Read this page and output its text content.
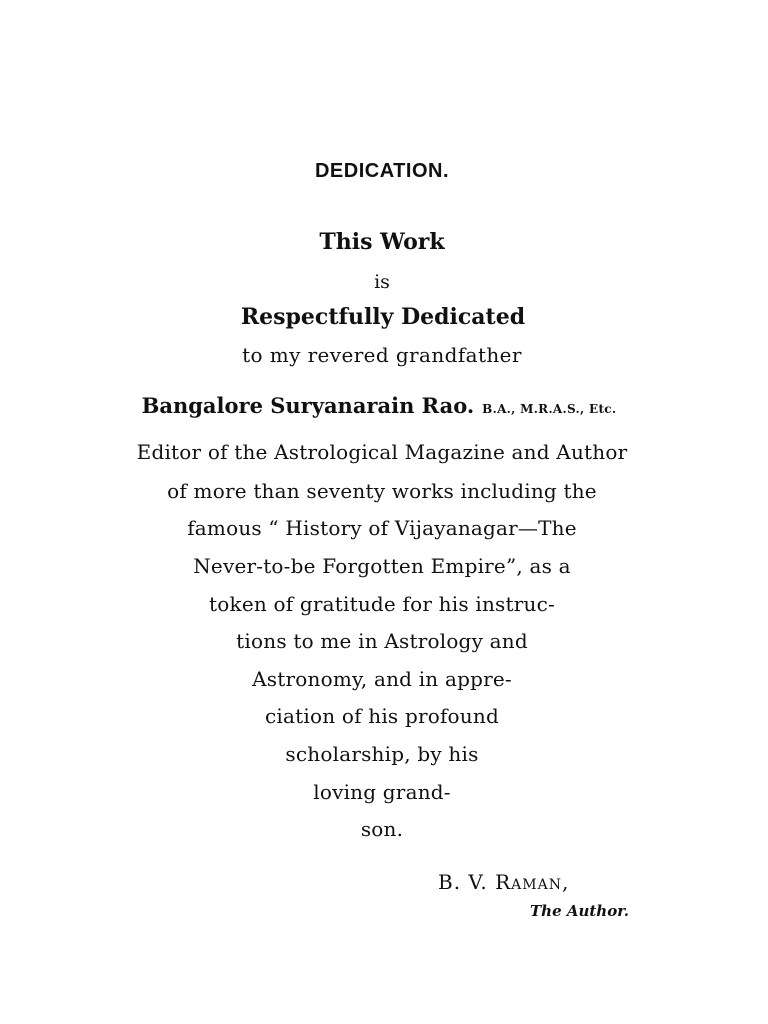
DEDICATION.
This Work
is
Respectfully Dedicated
to my revered grandfather
Bangalore Suryanarain Rao. B.A., M.R.A.S., Etc.
Editor of the Astrological Magazine and Author
of more than seventy works including the
famous “ History of Vijayanagar—The
Never-to-be Forgotten Empire”, as a
token of gratitude for his instruc-
tions to me in Astrology and
Astronomy, and in appre-
ciation of his profound
scholarship, by his
loving grand-
son.
B. V. Raman,
The Author.
